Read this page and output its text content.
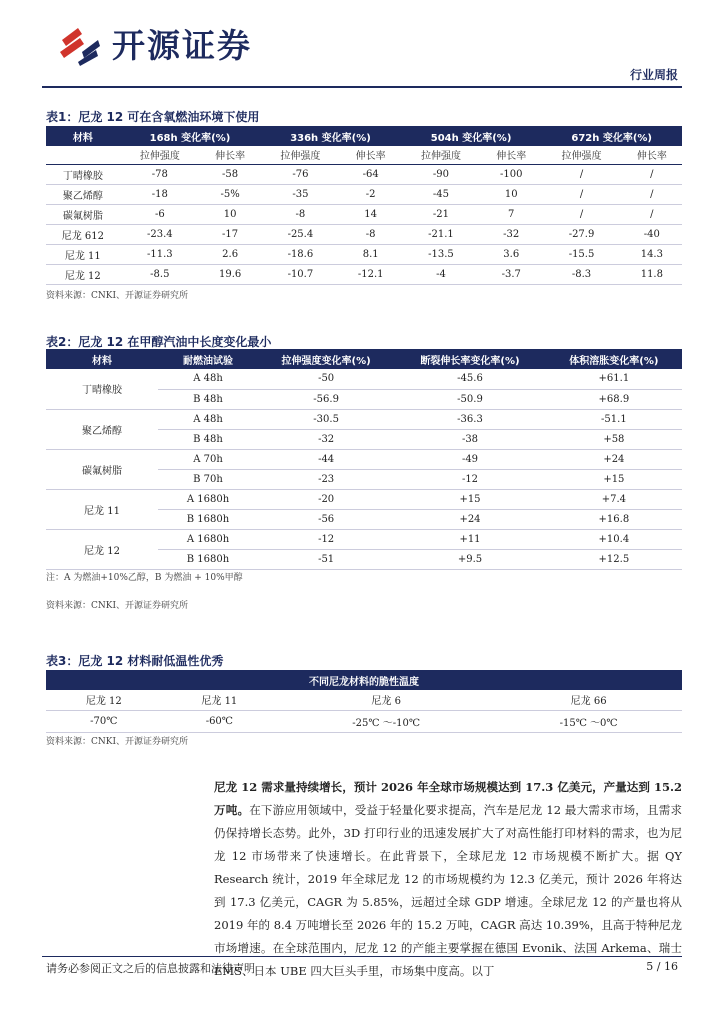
开源证券
行业周报
表1：尼龙 12 可在含氧燃油环境下使用
材料	168h 变化率(%)		336h 变化率(%)		504h 变化率(%)		672h 变化率(%)	
	拉伸强度	伸长率	拉伸强度	伸长率	拉伸强度	伸长率	拉伸强度	伸长率
丁晴橡胶	-78	-58	-76	-64	-90	-100	/	/
聚乙烯醇	-18	-5%	-35	-2	-45	10	/	/
碳氟树脂	-6	10	-8	14	-21	7	/	/
尼龙 612	-23.4	-17	-25.4	-8	-21.1	-32	-27.9	-40
尼龙 11	-11.3	2.6	-18.6	8.1	-13.5	3.6	-15.5	14.3
尼龙 12	-8.5	19.6	-10.7	-12.1	-4	-3.7	-8.3	11.8
资料来源：CNKI、开源证券研究所
表2：尼龙 12 在甲醇汽油中长度变化最小
材料	耐燃油试验	拉伸强度变化率(%)	断裂伸长率变化率(%)	体积溶胀变化率(%)
丁晴橡胶	A 48h	-50	-45.6	+61.1
	B 48h	-56.9	-50.9	+68.9
聚乙烯醇	A 48h	-30.5	-36.3	-51.1
	B 48h	-32	-38	+58
碳氟树脂	A 70h	-44	-49	+24
	B 70h	-23	-12	+15
尼龙 11	A 1680h	-20	+15	+7.4
	B 1680h	-56	+24	+16.8
尼龙 12	A 1680h	-12	+11	+10.4
	B 1680h	-51	+9.5	+12.5
注：A 为燃油+10%乙醇，B 为燃油 + 10%甲醇
资料来源：CNKI、开源证券研究所
表3：尼龙 12 材料耐低温性优秀
不同尼龙材料的脆性温度			
尼龙 12	尼龙 11	尼龙 6	尼龙 66
-70℃	-60℃	-25℃ ～-10℃	-15℃ ～0℃
资料来源：CNKI、开源证券研究所
尼龙 12 需求量持续增长，预计 2026 年全球市场规模达到 17.3 亿美元，产量达到 15.2 万吨。在下游应用领域中，受益于轻量化要求提高，汽车是尼龙 12 最大需求市场，且需求仍保持增长态势。此外，3D 打印行业的迅速发展扩大了对高性能打印材料的需求，也为尼龙 12 市场带来了快速增长。在此背景下，全球尼龙 12 市场规模不断扩大。据 QY Research 统计，2019 年全球尼龙 12 的市场规模约为 12.3 亿美元，预计 2026 年将达到 17.3 亿美元，CAGR 为 5.85%，远超过全球 GDP 增速。全球尼龙 12 的产量也将从 2019 年的 8.4 万吨增长至 2026 年的 15.2 万吨，CAGR 高达 10.39%，且高于特种尼龙市场增速。在全球范围内，尼龙 12 的产能主要掌握在德国 Evonik、法国 Arkema、瑞士 EMS、日本 UBE 四大巨头手里，市场集中度高。以丁
请务必参阅正文之后的信息披露和法律声明	5 / 16
